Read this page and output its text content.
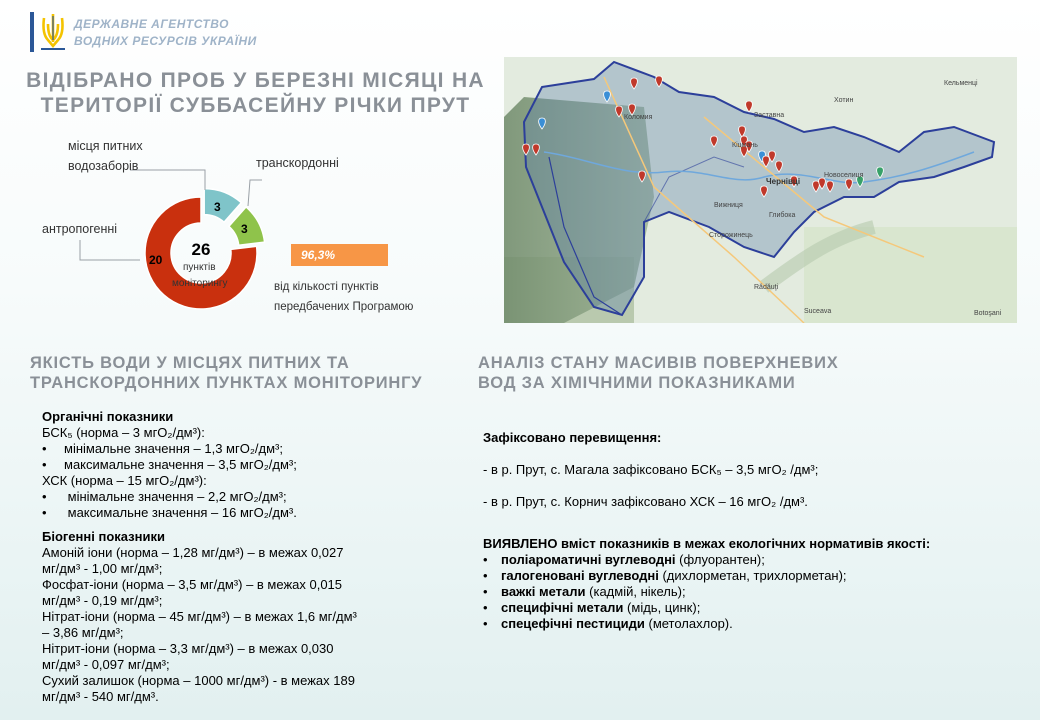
ДЕРЖАВНЕ АГЕНТСТВО
ВОДНИХ РЕСУРСІВ УКРАЇНИ
ВІДІБРАНО ПРОБ У БЕРЕЗНІ МІСЯЦІ НА
ТЕРИТОРІЇ СУББАСЕЙНУ РІЧКИ ПРУТ
26
пунктів
моніторингу
20
3
3
місця питних
водозаборів	транскордонні
антропогенні
96,3%
від кількості пунктів
передбачених Програмою
Чернівці
Коломия
Вижниця
Глибока
Новоселиця
Кельменці
Хотин
Сторожинець
Botoşani
Rădăuţi
Suceava
Заставна
Кіцмань
ЯКІСТЬ ВОДИ У МІСЦЯХ ПИТНИХ ТА
ТРАНСКОРДОННИХ ПУНКТАХ МОНІТОРИНГУ
Органічні показники
БСК₅ (норма – 3 мгО₂/дм³):
• мінімальне значення – 1,3 мгО₂/дм³;
• максимальне значення – 3,5 мгО₂/дм³;
ХСК (норма – 15 мгО₂/дм³):
• мінімальне значення – 2,2 мгО₂/дм³;
• максимальне значення – 16 мгО₂/дм³.
Біогенні показники
Амоній іони (норма – 1,28 мг/дм³) – в межах 0,027
мг/дм³ - 1,00 мг/дм³;
Фосфат-іони (норма – 3,5 мг/дм³) – в межах 0,015
мг/дм³ - 0,19 мг/дм³;
Нітрат-іони (норма – 45 мг/дм³) – в межах 1,6 мг/дм³
– 3,86 мг/дм³;
Нітрит-іони (норма – 3,3 мг/дм³) – в межах 0,030
мг/дм³ - 0,097 мг/дм³;
Сухий залишок (норма – 1000 мг/дм³) - в межах 189
мг/дм³ - 540 мг/дм³.
АНАЛІЗ СТАНУ МАСИВІВ ПОВЕРХНЕВИХ
ВОД ЗА ХІМІЧНИМИ ПОКАЗНИКАМИ
Зафіксовано перевищення:
- в р. Прут, с. Магала зафіксовано БСК₅ – 3,5 мгО₂ /дм³;
- в р. Прут, с. Корнич зафіксовано ХСК – 16 мгО₂ /дм³.
ВИЯВЛЕНО вміст показників в межах екологічних нормативів якості:
• поліароматичні вуглеводні (флуорантен);
• галогеновані вуглеводні (дихлорметан, трихлорметан);
• важкі метали (кадмій, нікель);
• специфічні метали (мідь, цинк);
• спецефічні пестициди (метолахлор).
